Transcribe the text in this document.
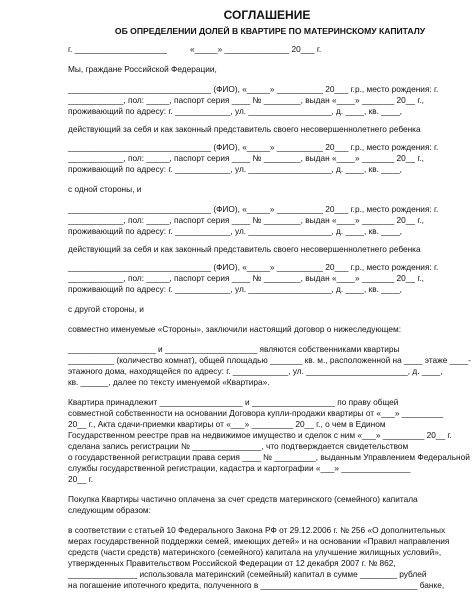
СОГЛАШЕНИЕ
ОБ ОПРЕДЕЛЕНИИ ДОЛЕЙ В КВАРТИРЕ ПО МАТЕРИНСКОМУ КАПИТАЛУ
г. ____________________          «_____» ______________ 20___ г.
Мы, граждане Российской Федерации,
_______________________________ (ФИО), «_____» __________ 20___ г.р., место рождения: г.
____________, пол: _____, паспорт серия ____ № ________, выдан «____» _______ 20__ г.,
проживающий по адресу: г. ____________, ул. __________________, д. ____, кв. ____,
действующий за себя и как законный представитель своего несовершеннолетнего ребенка
_______________________________ (ФИО), «_____» __________ 20___ г.р., место рождения: г.
____________, пол: _____, паспорт серия ____ № ________, выдан «____» _______ 20__ г.,
проживающий по адресу: г. ____________, ул. __________________, д. ____, кв. ____,
с одной стороны, и
_______________________________ (ФИО), «_____» __________ 20___ г.р., место рождения: г.
____________, пол: _____, паспорт серия ____ № ________, выдан «____» _______ 20__ г.,
проживающий по адресу: г. ____________, ул. __________________, д. ____, кв. ____,
действующий за себя и как законный представитель своего несовершеннолетнего ребенка
_______________________________ (ФИО), «_____» __________ 20___ г.р., место рождения: г.
____________, пол: _____, паспорт серия ____ № ________, выдан «____» _______ 20__ г.,
проживающий по адресу: г. ____________, ул. __________________, д. ____, кв. ____,
с другой стороны, и
совместно именуемые «Стороны», заключили настоящий договор о нижеследующем:
___________________ и ____________________ являются собственниками квартиры
__________ (количество комнат), общей площадью _______ кв. м., расположенной на ____ этаже ____-
этажного дома, находящейся по адресу: г. ____________, ул. ______________________, д. ____,
кв. ______, далее по тексту именуемой «Квартира».
Квартира принадлежит __________________ и __________________ по праву общей
совместной собственности на основании Договора купли-продажи квартиры от «___» _________
20__ г., Акта сдачи-приемки квартиры от «___» _________ 20__ г., о чем в Едином
Государственном реестре прав на недвижимое имущество и сделок с ним «___» _________ 20__ г.
сделана запись регистрации № _______________, что подтверждается свидетельством
о государственной регистрации права серия ____ № _________, выданным Управлением Федеральной
службы государственной регистрации, кадастра и картографии «___» _______________
20__ г.
Покупка Квартиры частично оплачена за счет средств материнского (семейного) капитала
следующим образом:
в соответствии с статьей 10 Федерального Закона РФ от 29.12.2006 г. № 256 «О дополнительных
мерах государственной поддержки семей, имеющих детей» и на основании «Правил направления
средств (части средств) материнского (семейного) капитала на улучшение жилищных условий»,
утвержденных Правительством Российской Федерации от 12 декабря 2007 г. № 862,
_______________ использовала материнский (семейный) капитал в сумме ________ рублей
на погашение ипотечного кредита, полученного в __________________________________ банке,
